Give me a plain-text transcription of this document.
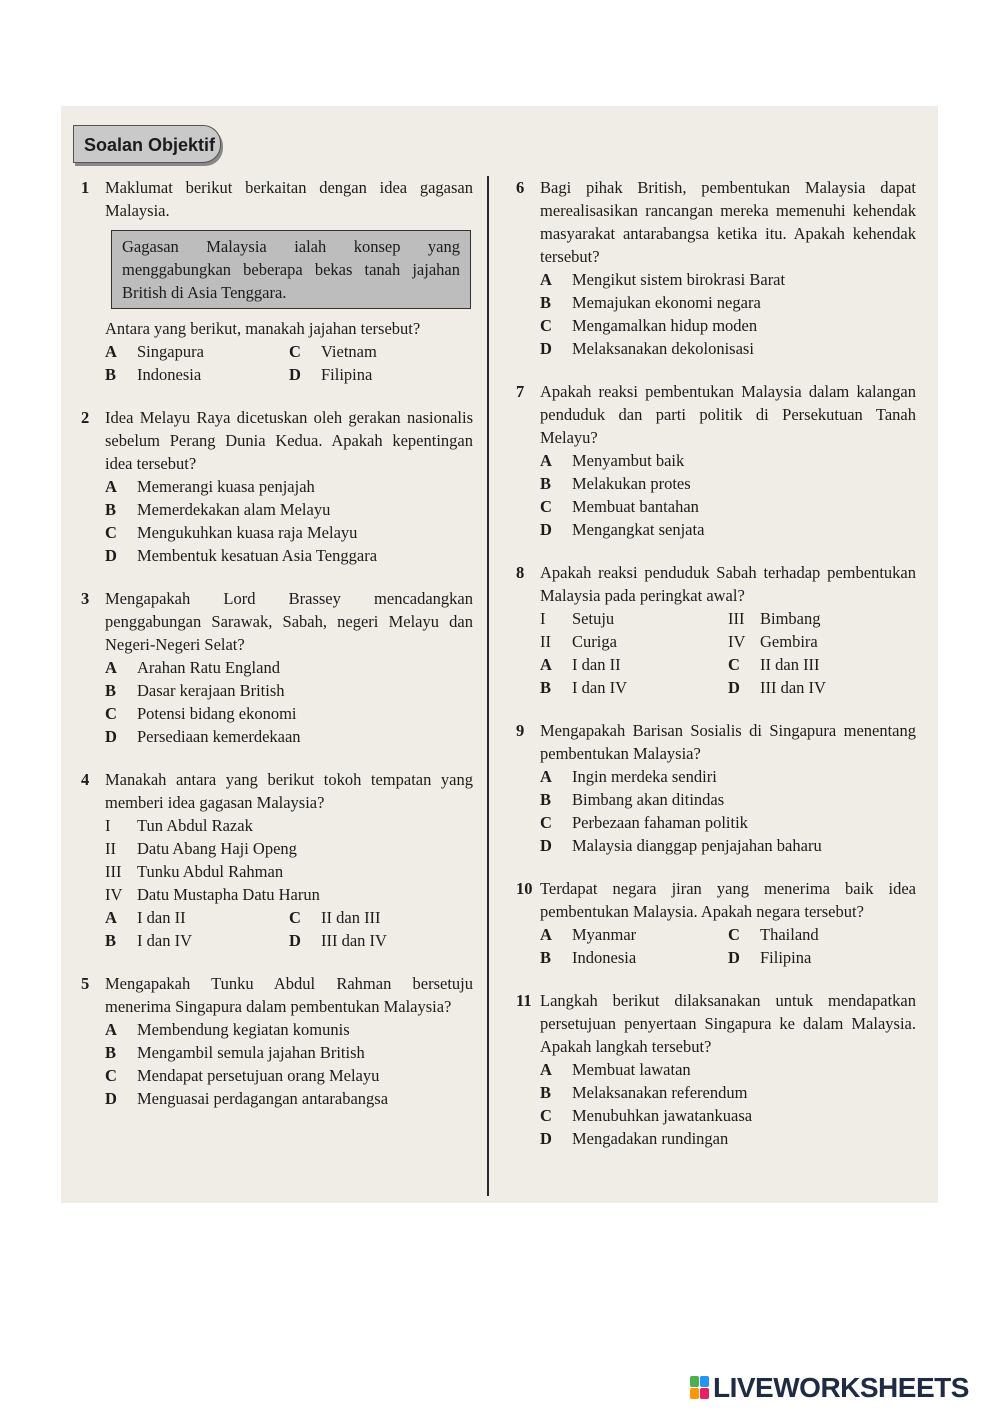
Soalan Objektif
1 Maklumat berikut berkaitan dengan idea gagasan Malaysia.
Gagasan Malaysia ialah konsep yang menggabungkan beberapa bekas tanah jajahan British di Asia Tenggara.
Antara yang berikut, manakah jajahan tersebut?
A	Singapura	C	Vietnam
B	Indonesia	D	Filipina
2 Idea Melayu Raya dicetuskan oleh gerakan nasionalis sebelum Perang Dunia Kedua. Apakah kepentingan idea tersebut?
A	Memerangi kuasa penjajah
B	Memerdekakan alam Melayu
C	Mengukuhkan kuasa raja Melayu
D	Membentuk kesatuan Asia Tenggara
3 Mengapakah Lord Brassey mencadangkan penggabungan Sarawak, Sabah, negeri Melayu dan Negeri-Negeri Selat?
A	Arahan Ratu England
B	Dasar kerajaan British
C	Potensi bidang ekonomi
D	Persediaan kemerdekaan
4 Manakah antara yang berikut tokoh tempatan yang memberi idea gagasan Malaysia?
I	Tun Abdul Razak
II	Datu Abang Haji Openg
III Tunku Abdul Rahman
IV Datu Mustapha Datu Harun
A	I dan II	C	II dan III
B	I dan IV	D	III dan IV
5 Mengapakah Tunku Abdul Rahman bersetuju menerima Singapura dalam pembentukan Malaysia?
A	Membendung kegiatan komunis
B	Mengambil semula jajahan British
C	Mendapat persetujuan orang Melayu
D	Menguasai perdagangan antarabangsa
6 Bagi pihak British, pembentukan Malaysia dapat merealisasikan rancangan mereka memenuhi kehendak masyarakat antarabangsa ketika itu. Apakah kehendak tersebut?
A	Mengikut sistem birokrasi Barat
B	Memajukan ekonomi negara
C	Mengamalkan hidup moden
D	Melaksanakan dekolonisasi
7 Apakah reaksi pembentukan Malaysia dalam kalangan penduduk dan parti politik di Persekutuan Tanah Melayu?
A	Menyambut baik
B	Melakukan protes
C	Membuat bantahan
D	Mengangkat senjata
8 Apakah reaksi penduduk Sabah terhadap pembentukan Malaysia pada peringkat awal?
I	Setuju	III Bimbang
II	Curiga	IV Gembira
A	I dan II	C	II dan III
B	I dan IV	D	III dan IV
9 Mengapakah Barisan Sosialis di Singapura menentang pembentukan Malaysia?
A	Ingin merdeka sendiri
B	Bimbang akan ditindas
C	Perbezaan fahaman politik
D	Malaysia dianggap penjajahan baharu
10 Terdapat negara jiran yang menerima baik idea pembentukan Malaysia. Apakah negara tersebut?
A	Myanmar	C	Thailand
B	Indonesia	D	Filipina
11 Langkah berikut dilaksanakan untuk mendapatkan persetujuan penyertaan Singapura ke dalam Malaysia. Apakah langkah tersebut?
A	Membuat lawatan
B	Melaksanakan referendum
C	Menubuhkan jawatankuasa
D	Mengadakan rundingan
LIVEWORKSHEETS
